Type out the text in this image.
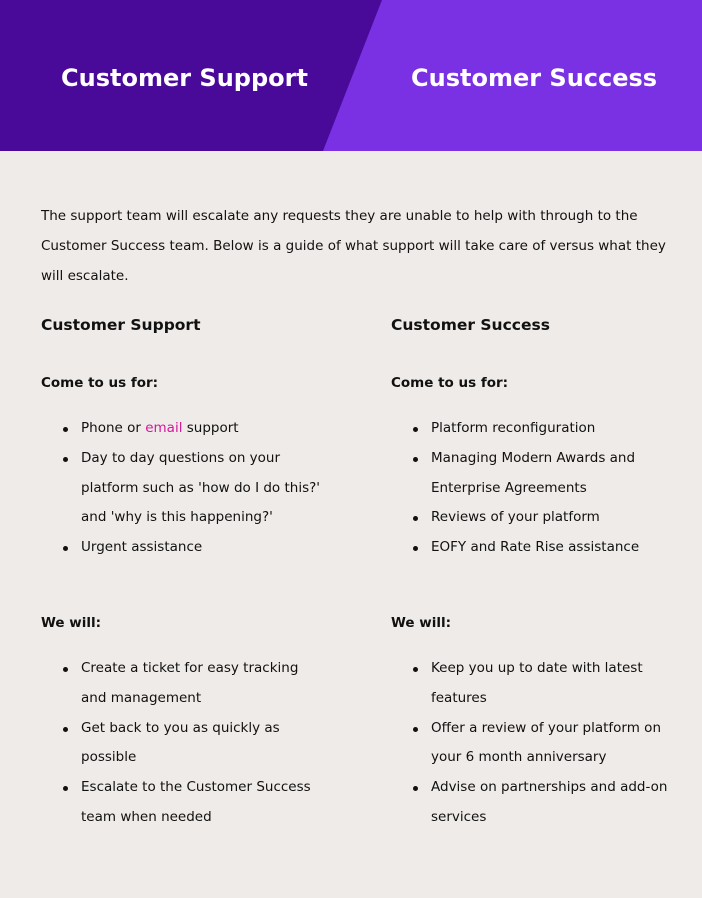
Customer Support	Customer Success

The support team will escalate any requests they are unable to help with through to the Customer Success team. Below is a guide of what support will take care of versus what they will escalate.

Customer Support
Come to us for:
Phone or email support
Day to day questions on your platform such as 'how do I do this?' and 'why is this happening?'
Urgent assistance
We will:
Create a ticket for easy tracking and management
Get back to you as quickly as possible
Escalate to the Customer Success team when needed
Customer Success
Come to us for:
Platform reconfiguration
Managing Modern Awards and Enterprise Agreements
Reviews of your platform
EOFY and Rate Rise assistance
We will:
Keep you up to date with latest features
Offer a review of your platform on your 6 month anniversary
Advise on partnerships and add-on services
